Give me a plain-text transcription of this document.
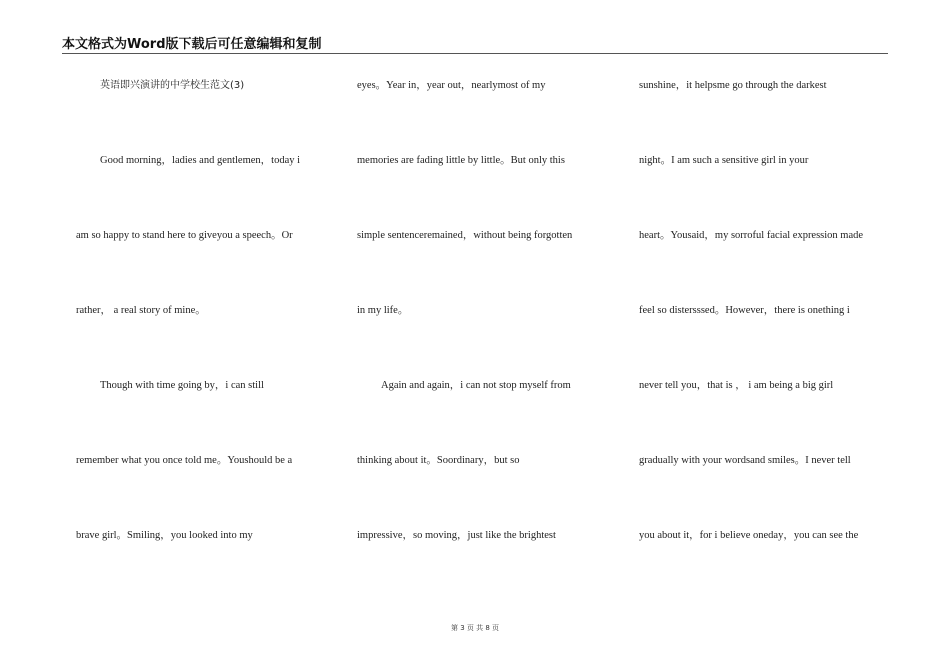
本文格式为Word版下载后可任意编辑和复制
英语即兴演讲的中学校生范文(3)
Good morning，ladies and gentlemen，today i
am so happy to stand here to giveyou a speech。Or
rather， a real story of mine。
Though with time going by，i can still
remember what you once told me。Youshould be a
brave girl。Smiling，you looked into my
eyes。Year in，year out，nearlymost of my
memories are fading little by little。But only this
simple sentenceremained，without being forgotten
in my life。
Again and again，i can not stop myself from
thinking about it。Soordinary，but so
impressive，so moving，just like the brightest
sunshine，it helpsme go through the darkest
night。I am such a sensitive girl in your
heart。Yousaid，my sorroful facial expression made
feel so distersssed。However，there is onething i
never tell you，that is ， i am being a big girl
gradually with your wordsand smiles。I never tell
you about it，for i believe oneday，you can see the
第 3 页 共 8 页
